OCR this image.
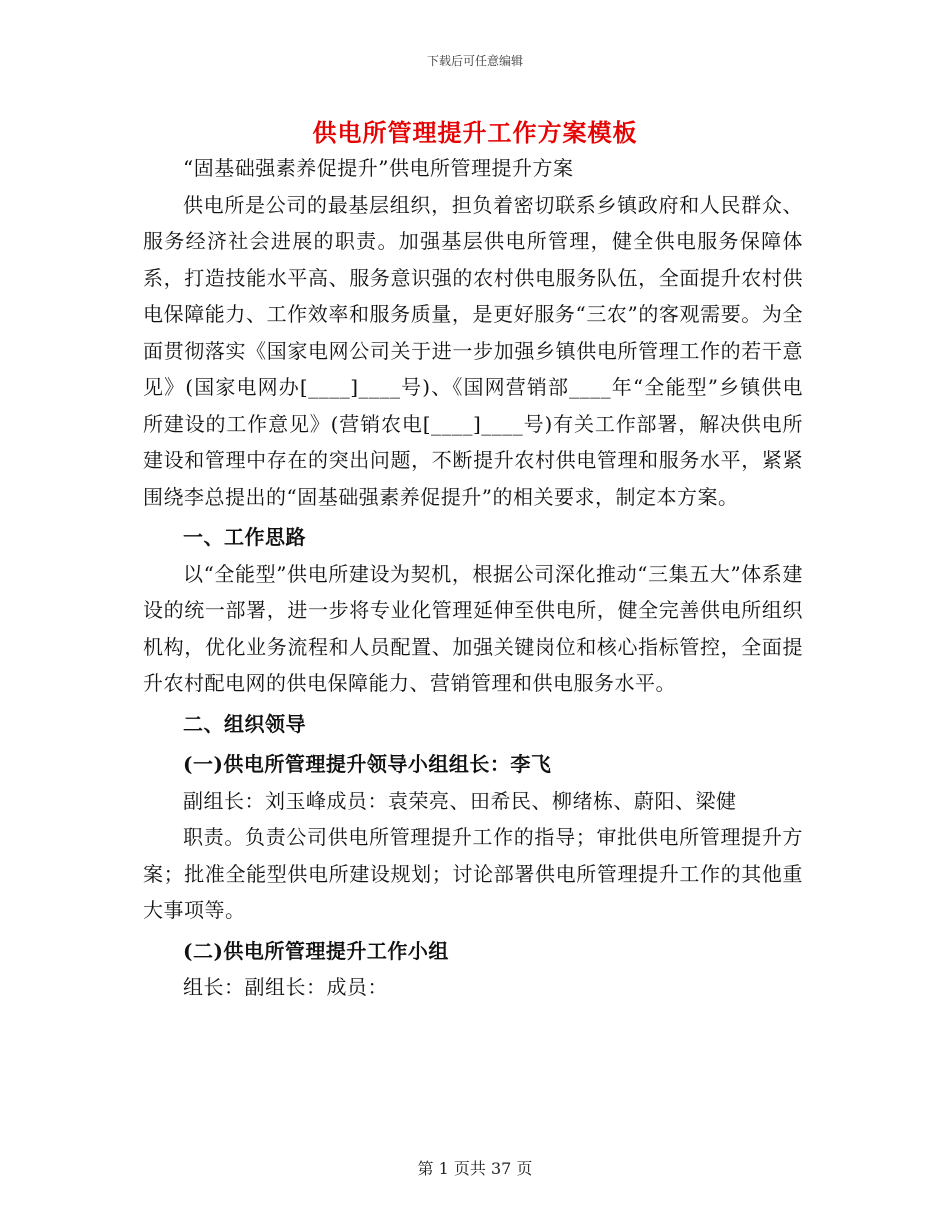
下载后可任意编辑
供电所管理提升工作方案模板

“固基础强素养促提升”供电所管理提升方案

供电所是公司的最基层组织，担负着密切联系乡镇政府和人民群众、服务经济社会进展的职责。加强基层供电所管理，健全供电服务保障体系，打造技能水平高、服务意识强的农村供电服务队伍，全面提升农村供电保障能力、工作效率和服务质量，是更好服务“三农”的客观需要。为全面贯彻落实《国家电网公司关于进一步加强乡镇供电所管理工作的若干意见》(国家电网办[____]____号)、《国网营销部____年“全能型”乡镇供电所建设的工作意见》(营销农电[____]____号)有关工作部署，解决供电所建设和管理中存在的突出问题，不断提升农村供电管理和服务水平，紧紧围绕李总提出的“固基础强素养促提升”的相关要求，制定本方案。

一、工作思路

以“全能型”供电所建设为契机，根据公司深化推动“三集五大”体系建设的统一部署，进一步将专业化管理延伸至供电所，健全完善供电所组织机构，优化业务流程和人员配置、加强关键岗位和核心指标管控，全面提升农村配电网的供电保障能力、营销管理和供电服务水平。

二、组织领导

(一)供电所管理提升领导小组组长：李飞

副组长：刘玉峰成员：袁荣亮、田希民、柳绪栋、蔚阳、梁健

职责。负责公司供电所管理提升工作的指导；审批供电所管理提升方案；批准全能型供电所建设规划；讨论部署供电所管理提升工作的其他重大事项等。

(二)供电所管理提升工作小组

组长：副组长：成员：

第 1 页共 37 页
